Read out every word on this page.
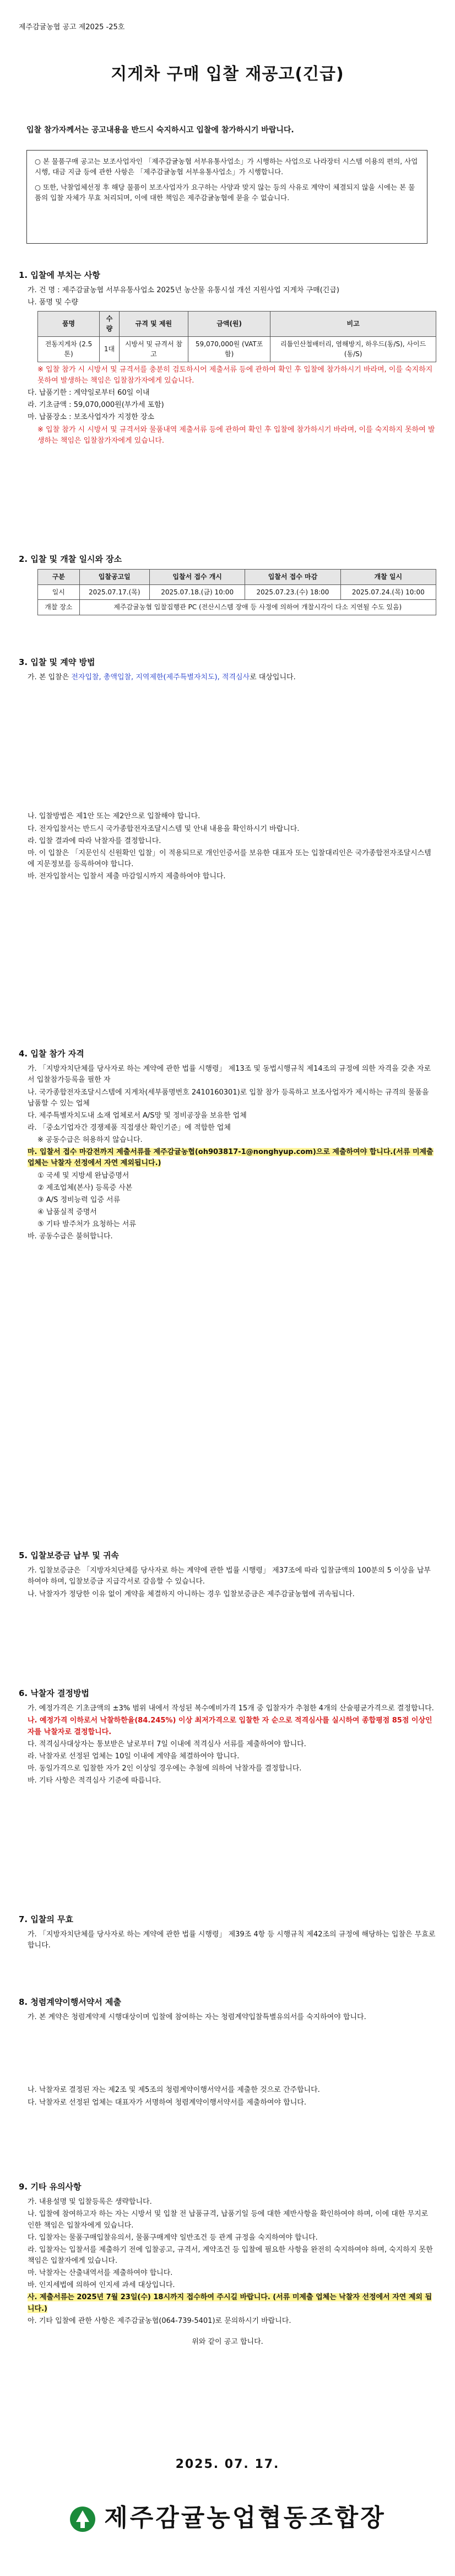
제주감귤농협 공고 제2025 -25호
지게차 구매 입찰 재공고(긴급)
입찰 참가자께서는 공고내용을 반드시 숙지하시고 입찰에 참가하시기 바랍니다.

○ 본 물품구매 공고는 보조사업자인 「제주감귤농협 서부유통사업소」가 시행하는 사업으로 나라장터 시스템 이용의 편의, 사업 시행, 대금 지급 등에 관한 사항은 「제주감귤농협 서부유통사업소」가 시행합니다.

○ 또한, 낙찰업체선정 후 해당 물품이 보조사업자가 요구하는 사양과 맞지 않는 등의 사유로 계약이 체결되지 않을 시에는 본 물품의 입찰 자체가 무효 처리되며, 이에 대한 책임은 제주감귤농협에 묻을 수 없습니다.

1. 입찰에 부치는 사항
가. 건 명 : 제주감귤농협 서부유통사업소 2025년 농산물 유통시설 개선 지원사업 지게차 구매(긴급)
나. 품명 및 수량
품명	수량	규격 및 제원	금액(원)	비고
전동지게차 (2.5톤)	1대	시방서 및 규격서 참고	59,070,000원 (VAT포함)	리튬인산철배터리, 염해방지, 하우드(동/S), 사이드(동/S)
※ 입찰 참가 시 시방서 및 규격서를 충분히 검토하시어 제출서류 등에 관하여 확인 후 입찰에 참가하시기 바라며, 이를 숙지하지 못하여 발생하는 책임은 입찰참가자에게 있습니다.
다. 납품기한 : 계약일로부터 60일 이내
라. 기초금액 : 59,070,000원(부가세 포함)
마. 납품장소 : 보조사업자가 지정한 장소
※ 입찰 참가 시 시방서 및 규격서와 물품내역 제출서류 등에 관하여 확인 후 입찰에 참가하시기 바라며, 이를 숙지하지 못하여 발생하는 책임은 입찰참가자에게 있습니다.
2. 입찰 및 개찰 일시와 장소
구분	입찰공고일	입찰서 접수 개시	입찰서 접수 마감	개찰 일시
일시	2025.07.17.(목)	2025.07.18.(금) 10:00	2025.07.23.(수) 18:00	2025.07.24.(목) 10:00
개찰 장소	제주감귤농협 입찰집행관 PC (전산시스템 장애 등 사정에 의하여 개찰시각이 다소 지연될 수도 있음)			
3. 입찰 및 계약 방법
가. 본 입찰은 전자입찰, 총액입찰, 지역제한(제주특별자치도), 적격심사로 대상입니다.
나. 입찰방법은 제1안 또는 제2안으로 입찰해야 합니다.
다. 전자입찰서는 반드시 국가종합전자조달시스템 및 안내 내용을 확인하시기 바랍니다.
라. 입찰 결과에 따라 낙찰자를 결정합니다.
마. 이 입찰은 「지문인식 신원확인 입찰」이 적용되므로 개인인증서를 보유한 대표자 또는 입찰대리인은 국가종합전자조달시스템에 지문정보를 등록하여야 합니다.
바. 전자입찰서는 입찰서 제출 마감일시까지 제출하여야 합니다.
4. 입찰 참가 자격
가. 「지방자치단체를 당사자로 하는 계약에 관한 법률 시행령」 제13조 및 동법시행규칙 제14조의 규정에 의한 자격을 갖춘 자로서 입찰참가등록을 필한 자
나. 국가종합전자조달시스템에 지게차(세부품명번호 2410160301)로 입찰 참가 등록하고 보조사업자가 제시하는 규격의 물품을 납품할 수 있는 업체
다. 제주특별자치도내 소재 업체로서 A/S망 및 정비공장을 보유한 업체
라. 「중소기업자간 경쟁제품 직접생산 확인기준」에 적합한 업체
※ 공동수급은 허용하지 않습니다.
마. 입찰서 접수 마감전까지 제출서류를 제주감귤농협(oh903817-1@nonghyup.com)으로 제출하여야 합니다.(서류 미제출 업체는 낙찰자 선정에서 자연 제외됩니다.)
① 국세 및 지방세 완납증명서
② 제조업체(본사) 등록증 사본
③ A/S 정비능력 입증 서류
④ 납품실적 증명서
⑤ 기타 발주처가 요청하는 서류
바. 공동수급은 불허합니다.
5. 입찰보증금 납부 및 귀속
가. 입찰보증금은 「지방자치단체를 당사자로 하는 계약에 관한 법률 시행령」 제37조에 따라 입찰금액의 100분의 5 이상을 납부하여야 하며, 입찰보증금 지급각서로 갈음할 수 있습니다.
나. 낙찰자가 정당한 이유 없이 계약을 체결하지 아니하는 경우 입찰보증금은 제주감귤농협에 귀속됩니다.
6. 낙찰자 결정방법
가. 예정가격은 기초금액의 ±3% 범위 내에서 작성된 복수예비가격 15개 중 입찰자가 추첨한 4개의 산술평균가격으로 결정합니다.
나. 예정가격 이하로서 낙찰하한율(84.245%) 이상 최저가격으로 입찰한 자 순으로 적격심사를 실시하여 종합평점 85점 이상인 자를 낙찰자로 결정합니다.
다. 적격심사대상자는 통보받은 날로부터 7일 이내에 적격심사 서류를 제출하여야 합니다.
라. 낙찰자로 선정된 업체는 10일 이내에 계약을 체결하여야 합니다.
마. 동일가격으로 입찰한 자가 2인 이상일 경우에는 추첨에 의하여 낙찰자를 결정합니다.
바. 기타 사항은 적격심사 기준에 따릅니다.
7. 입찰의 무효
가. 「지방자치단체를 당사자로 하는 계약에 관한 법률 시행령」 제39조 4항 등 시행규칙 제42조의 규정에 해당하는 입찰은 무효로 합니다.
8. 청렴계약이행서약서 제출
가. 본 계약은 청렴계약제 시행대상이며 입찰에 참여하는 자는 청렴계약입찰특별유의서를 숙지하여야 합니다.
나. 낙찰자로 결정된 자는 제2조 및 제5조의 청렴계약이행서약서를 제출한 것으로 간주합니다.
다. 낙찰자로 선정된 업체는 대표자가 서명하여 청렴계약이행서약서를 제출하여야 합니다.
9. 기타 유의사항
가. 내용설명 및 입찰등록은 생략합니다.
나. 입찰에 참여하고자 하는 자는 시방서 및 입찰 전 납품규격, 납품기일 등에 대한 제반사항을 확인하여야 하며, 이에 대한 무지로 인한 책임은 입찰자에게 있습니다.
다. 입찰자는 물품구매입찰유의서, 물품구매계약 일반조건 등 관계 규정을 숙지하여야 합니다.
라. 입찰자는 입찰서를 제출하기 전에 입찰공고, 규격서, 계약조건 등 입찰에 필요한 사항을 완전히 숙지하여야 하며, 숙지하지 못한 책임은 입찰자에게 있습니다.
마. 낙찰자는 산출내역서를 제출하여야 합니다.
바. 인지세법에 의하여 인지세 과세 대상입니다.
사. 제출서류는 2025년 7월 23일(수) 18시까지 접수하여 주시길 바랍니다. (서류 미제출 업체는 낙찰자 선정에서 자연 제외 됩니다.)
아. 기타 입찰에 관한 사항은 제주감귤농협(064-739-5401)로 문의하시기 바랍니다.
위와 같이 공고 합니다.
2025. 07. 17.
제주감귤농업협동조합장
